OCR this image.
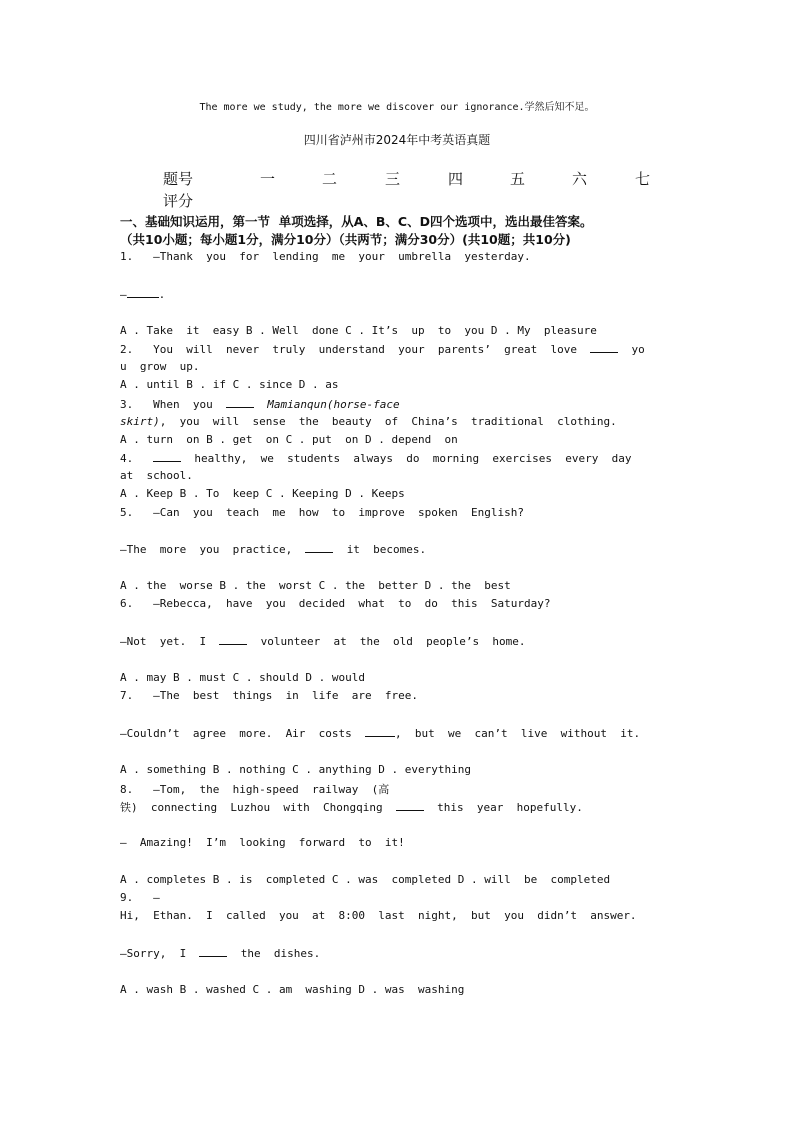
The more we study, the more we discover our ignorance.学然后知不足。
四川省泸州市2024年中考英语真题
题号	一	二	三	四	五	六	七
评分
一、基础知识运用，第一节  单项选择，从A、B、C、D四个选项中，选出最佳答案。
（共10小题；每小题1分，满分10分）（共两节；满分30分）(共10题；共10分)
1.   —Thank  you  for  lending  me  your  umbrella  yesterday.
—	.
A . Take  it  easy B . Well  done C . It’s  up  to  you D . My  pleasure
2.   You  will  never  truly  understand  your  parents’  great  love	yo
u  grow  up.
A . until B . if C . since D . as
3.   When  you	Mamianqun(horse-face
skirt),  you  will  sense  the  beauty  of  China’s  traditional  clothing.
A . turn  on B . get  on C . put  on D . depend  on
4.	healthy,  we  students  always  do  morning  exercises  every  day
at  school.
A . Keep B . To  keep C . Keeping D . Keeps
5.   —Can  you  teach  me  how  to  improve  spoken  English?
—The  more  you  practice,	it  becomes.
A . the  worse B . the  worst C . the  better D . the  best
6.   —Rebecca,  have  you  decided  what  to  do  this  Saturday?
—Not  yet.  I	volunteer  at  the  old  people’s  home.
A . may B . must C . should D . would
7.   —The  best  things  in  life  are  free.
—Couldn’t  agree  more.  Air  costs	,  but  we  can’t  live  without  it.
A . something B . nothing C . anything D . everything
8.   —Tom,  the  high-speed  railway  (高
铁)  connecting  Luzhou  with  Chongqing	this  year  hopefully.
—  Amazing!  I’m  looking  forward  to  it!
A . completes B . is  completed C . was  completed D . will  be  completed
9.   —
Hi,  Ethan.  I  called  you  at  8:00  last  night,  but  you  didn’t  answer.
—Sorry,  I	the  dishes.
A . wash B . washed C . am  washing D . was  washing
